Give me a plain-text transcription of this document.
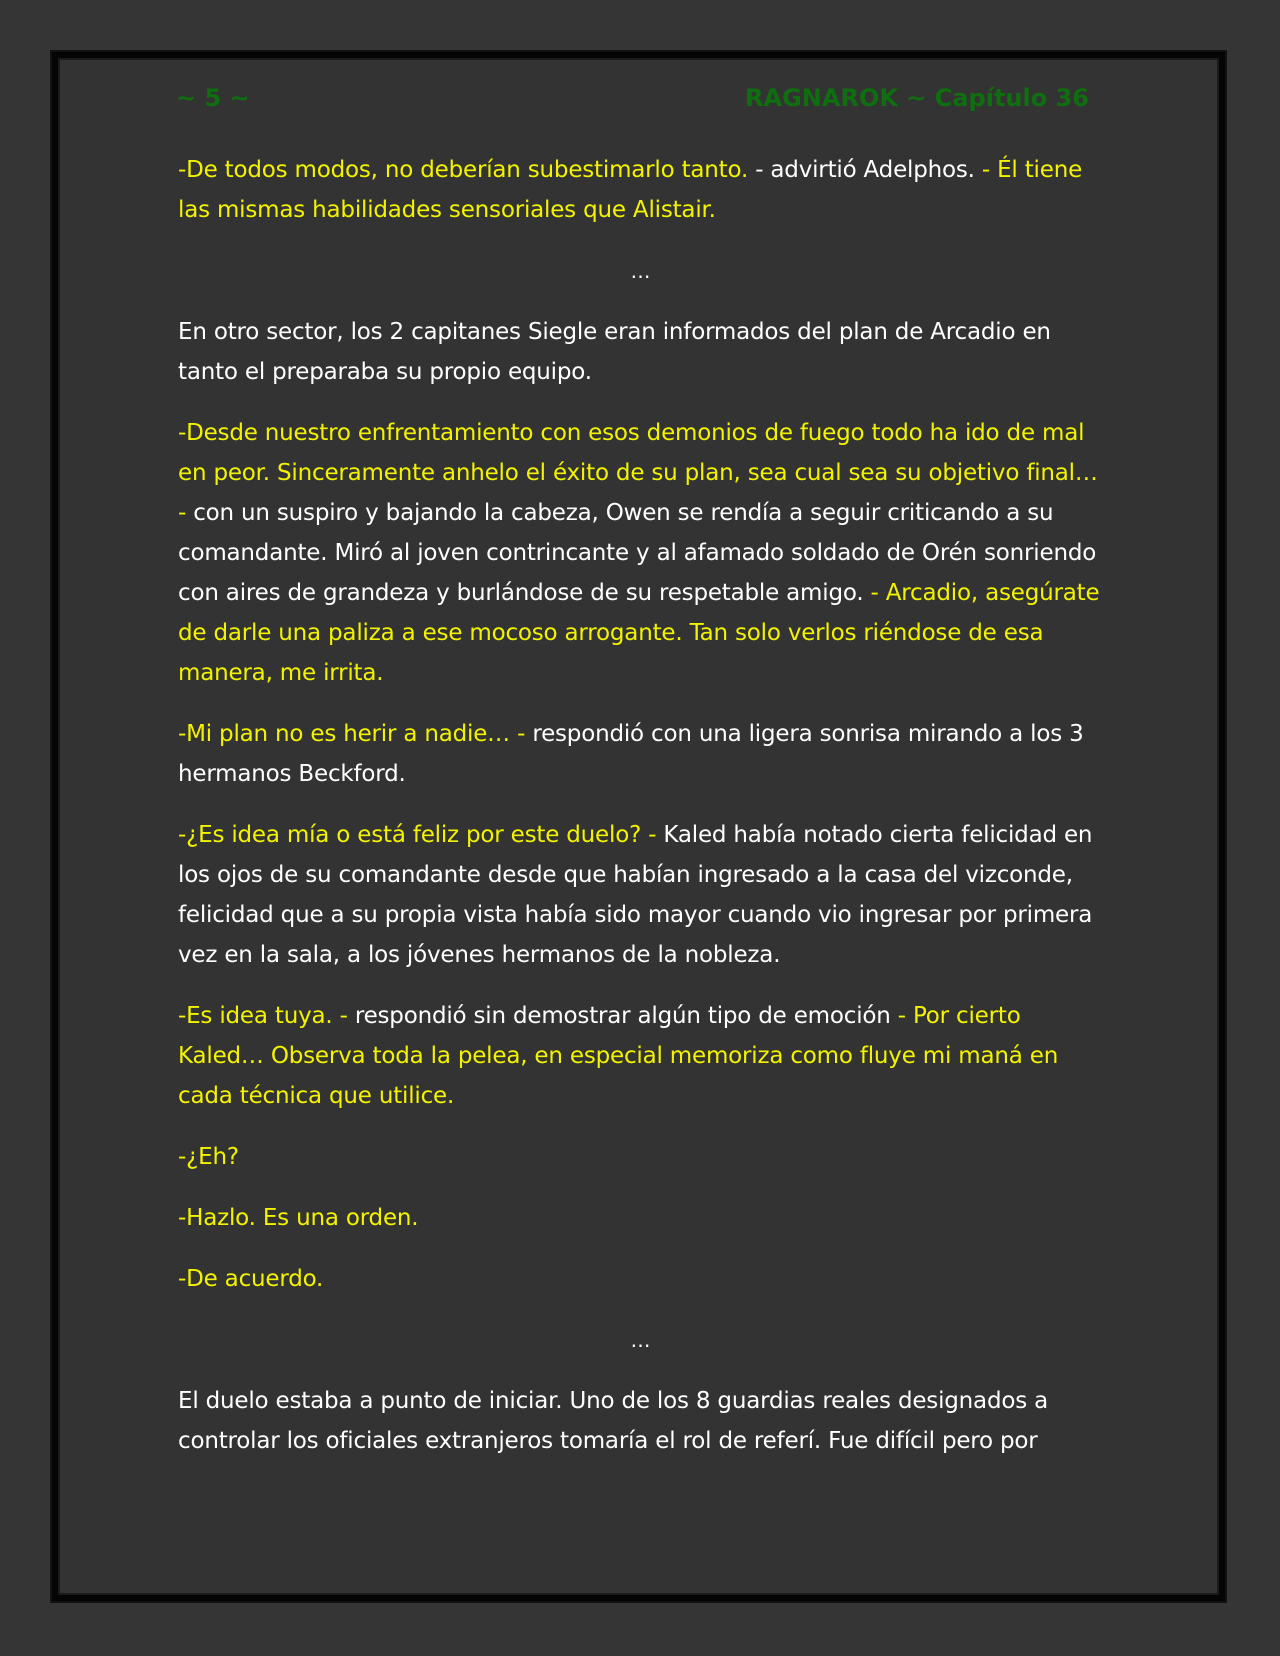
~ 5 ~	RAGNAROK ~ Capítulo 36

-De todos modos, no deberían subestimarlo tanto. - advirtió Adelphos. - Él tiene las mismas habilidades sensoriales que Alistair.

…

En otro sector, los 2 capitanes Siegle eran informados del plan de Arcadio en tanto el preparaba su propio equipo.

-Desde nuestro enfrentamiento con esos demonios de fuego todo ha ido de mal en peor. Sinceramente anhelo el éxito de su plan, sea cual sea su objetivo final… - con un suspiro y bajando la cabeza, Owen se rendía a seguir criticando a su comandante. Miró al joven contrincante y al afamado soldado de Orén sonriendo con aires de grandeza y burlándose de su respetable amigo. - Arcadio, asegúrate de darle una paliza a ese mocoso arrogante. Tan solo verlos riéndose de esa manera, me irrita.

-Mi plan no es herir a nadie… - respondió con una ligera sonrisa mirando a los 3 hermanos Beckford.

-¿Es idea mía o está feliz por este duelo? - Kaled había notado cierta felicidad en los ojos de su comandante desde que habían ingresado a la casa del vizconde, felicidad que a su propia vista había sido mayor cuando vio ingresar por primera vez en la sala, a los jóvenes hermanos de la nobleza.

-Es idea tuya. - respondió sin demostrar algún tipo de emoción - Por cierto Kaled… Observa toda la pelea, en especial memoriza como fluye mi maná en cada técnica que utilice.

-¿Eh?

-Hazlo. Es una orden.

-De acuerdo.

…

El duelo estaba a punto de iniciar. Uno de los 8 guardias reales designados a controlar los oficiales extranjeros tomaría el rol de referí. Fue difícil pero por
